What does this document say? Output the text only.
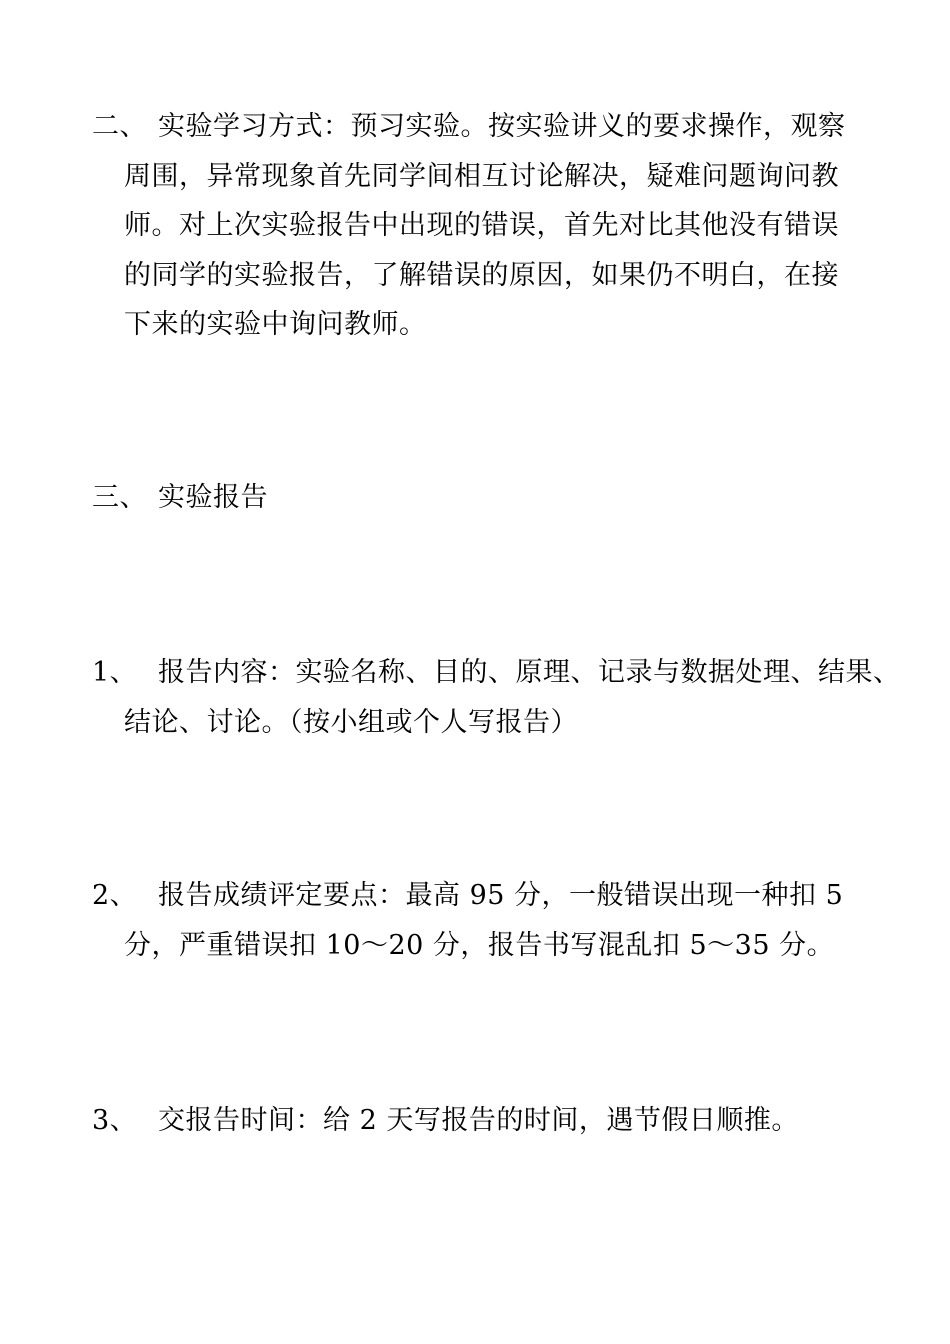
二、 实验学习方式：预习实验。按实验讲义的要求操作，观察
周围，异常现象首先同学间相互讨论解决，疑难问题询问教
师。对上次实验报告中出现的错误，首先对比其他没有错误
的同学的实验报告，了解错误的原因，如果仍不明白，在接
下来的实验中询问教师。
三、 实验报告
1、 报告内容：实验名称、目的、原理、记录与数据处理、结果、
结论、讨论。（按小组或个人写报告）
2、 报告成绩评定要点：最高 95 分，一般错误出现一种扣 5
分，严重错误扣 10～20 分，报告书写混乱扣 5～35 分。
3、 交报告时间：给 2 天写报告的时间，遇节假日顺推。
